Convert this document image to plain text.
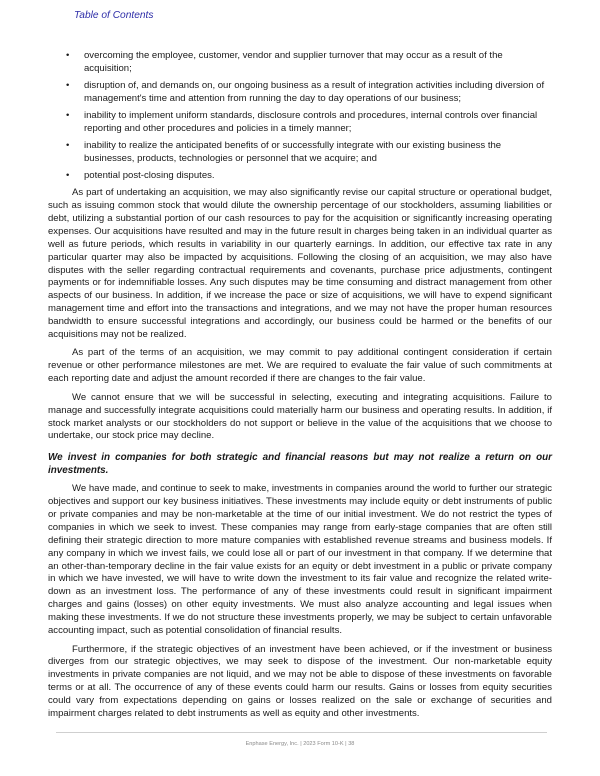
Table of Contents
• overcoming the employee, customer, vendor and supplier turnover that may occur as a result of the acquisition;
• disruption of, and demands on, our ongoing business as a result of integration activities including diversion of management's time and attention from running the day to day operations of our business;
• inability to implement uniform standards, disclosure controls and procedures, internal controls over financial reporting and other procedures and policies in a timely manner;
• inability to realize the anticipated benefits of or successfully integrate with our existing business the businesses, products, technologies or personnel that we acquire; and
• potential post-closing disputes.

As part of undertaking an acquisition, we may also significantly revise our capital structure or operational budget, such as issuing common stock that would dilute the ownership percentage of our stockholders, assuming liabilities or debt, utilizing a substantial portion of our cash resources to pay for the acquisition or significantly increasing operating expenses. Our acquisitions have resulted and may in the future result in charges being taken in an individual quarter as well as future periods, which results in variability in our quarterly earnings. In addition, our effective tax rate in any particular quarter may also be impacted by acquisitions. Following the closing of an acquisition, we may also have disputes with the seller regarding contractual requirements and covenants, purchase price adjustments, contingent payments or for indemnifiable losses. Any such disputes may be time consuming and distract management from other aspects of our business. In addition, if we increase the pace or size of acquisitions, we will have to expend significant management time and effort into the transactions and integrations, and we may not have the proper human resources bandwidth to ensure successful integrations and accordingly, our business could be harmed or the benefits of our acquisitions may not be realized.

As part of the terms of an acquisition, we may commit to pay additional contingent consideration if certain revenue or other performance milestones are met. We are required to evaluate the fair value of such commitments at each reporting date and adjust the amount recorded if there are changes to the fair value.

We cannot ensure that we will be successful in selecting, executing and integrating acquisitions. Failure to manage and successfully integrate acquisitions could materially harm our business and operating results. In addition, if stock market analysts or our stockholders do not support or believe in the value of the acquisitions that we choose to undertake, our stock price may decline.

We invest in companies for both strategic and financial reasons but may not realize a return on our investments.

We have made, and continue to seek to make, investments in companies around the world to further our strategic objectives and support our key business initiatives. These investments may include equity or debt instruments of public or private companies and may be non-marketable at the time of our initial investment. We do not restrict the types of companies in which we seek to invest. These companies may range from early-stage companies that are often still defining their strategic direction to more mature companies with established revenue streams and business models. If any company in which we invest fails, we could lose all or part of our investment in that company. If we determine that an other-than-temporary decline in the fair value exists for an equity or debt investment in a public or private company in which we have invested, we will have to write down the investment to its fair value and recognize the related write-down as an investment loss. The performance of any of these investments could result in significant impairment charges and gains (losses) on other equity investments. We must also analyze accounting and legal issues when making these investments. If we do not structure these investments properly, we may be subject to certain unfavorable accounting impact, such as potential consolidation of financial results.

Furthermore, if the strategic objectives of an investment have been achieved, or if the investment or business diverges from our strategic objectives, we may seek to dispose of the investment. Our non-marketable equity investments in private companies are not liquid, and we may not be able to dispose of these investments on favorable terms or at all. The occurrence of any of these events could harm our results. Gains or losses from equity securities could vary from expectations depending on gains or losses realized on the sale or exchange of securities and impairment charges related to debt instruments as well as equity and other investments.

Enphase Energy, Inc. | 2023 Form 10-K | 38
